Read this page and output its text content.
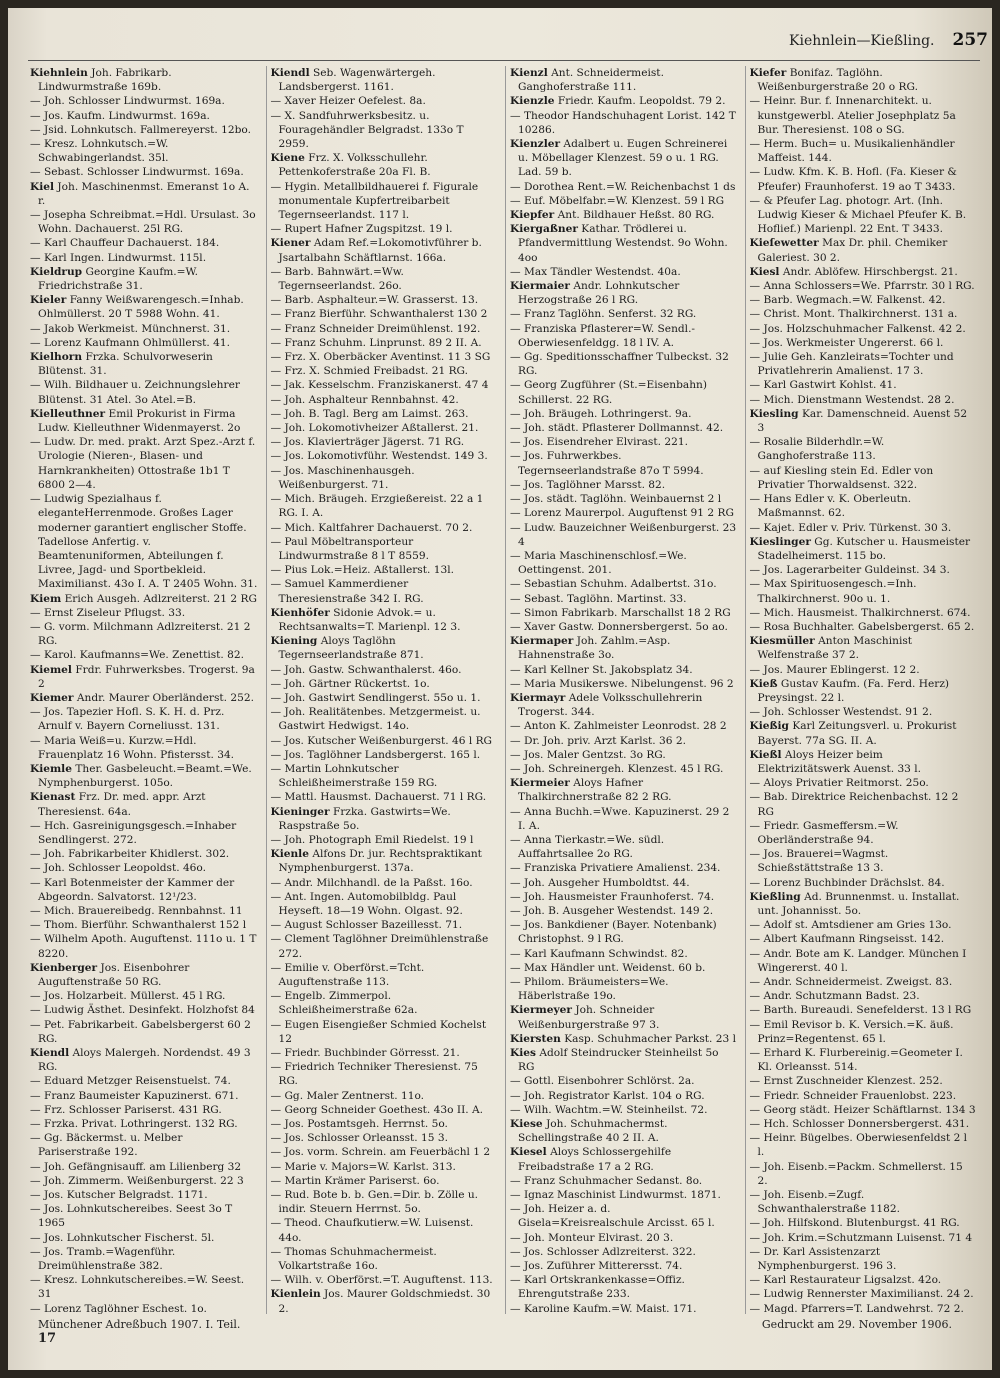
Kiehnlein—Kießling. 257

Kiehnlein Joh. Fabrikarb. Lindwurmstraße 169b.

— Joh. Schlosser Lindwurmst. 169a.

— Jos. Kaufm. Lindwurmst. 169a.

— Jsid. Lohnkutsch. Fallmereyerst. 12bo.

— Kresz. Lohnkutsch.=W. Schwabingerlandst. 35l.

— Sebast. Schlosser Lindwurmst. 169a.

Kiel Joh. Maschinenmst. Emeranst 1o A. r.

— Josepha Schreibmat.=Hdl. Ursulast. 3o Wohn. Dachauerst. 25l RG.

— Karl Chauffeur Dachauerst. 184.

— Karl Ingen. Lindwurmst. 115l.

Kieldrup Georgine Kaufm.=W. Friedrichstraße 31.

Kieler Fanny Weißwarengesch.=Inhab. Ohlmüllerst. 20 T 5988 Wohn. 41.

— Jakob Werkmeist. Münchnerst. 31.

— Lorenz Kaufmann Ohlmüllerst. 41.

Kielhorn Frzka. Schulvorweserin Blütenst. 31.

— Wilh. Bildhauer u. Zeichnungslehrer Blütenst. 31 Atel. 3o Atel.=B.

Kielleuthner Emil Prokurist in Firma Ludw. Kielleuthner Widenmayerst. 2o

— Ludw. Dr. med. prakt. Arzt Spez.-Arzt f. Urologie (Nieren-, Blasen- und Harnkrankheiten) Ottostraße 1b1 T 6800 2—4.

— Ludwig Spezialhaus f. eleganteHerrenmode. Großes Lager moderner garantiert englischer Stoffe. Tadellose Anfertig. v. Beamtenuniformen, Abteilungen f. Livree, Jagd- und Sportbekleid. Maximilianst. 43o I. A. T 2405 Wohn. 31.

Kiem Erich Ausgeh. Adlzreiterst. 21 2 RG

— Ernst Ziseleur Pflugst. 33.

— G. vorm. Milchmann Adlzreiterst. 21 2 RG.

— Karol. Kaufmanns=We. Zenettist. 82.

Kiemel Frdr. Fuhrwerksbes. Trogerst. 9a 2

Kiemer Andr. Maurer Oberländerst. 252.

— Jos. Tapezier Hofl. S. K. H. d. Prz. Arnulf v. Bayern Corneliusst. 131.

— Maria Weiß=u. Kurzw.=Hdl. Frauenplatz 16 Wohn. Pfistersst. 34.

Kiemle Ther. Gasbeleucht.=Beamt.=We. Nymphenburgerst. 105o.

Kienast Frz. Dr. med. appr. Arzt Theresienst. 64a.

— Hch. Gasreinigungsgesch.=Inhaber Sendlingerst. 272.

— Joh. Fabrikarbeiter Khidlerst. 302.

— Joh. Schlosser Leopoldst. 46o.

— Karl Botenmeister der Kammer der Abgeordn. Salvatorst. 12¹/23.

— Mich. Brauereibedg. Rennbahnst. 11

— Thom. Bierführ. Schwanthalerst 152 l

— Wilhelm Apoth. Auguftenst. 111o u. 1 T 8220.

Kienberger Jos. Eisenbohrer Auguftenstraße 50 RG.

— Jos. Holzarbeit. Müllerst. 45 l RG.

— Ludwig Ästhet. Desinfekt. Holzhofst 84

— Pet. Fabrikarbeit. Gabelsbergerst 60 2 RG.

Kiendl Aloys Malergeh. Nordendst. 49 3 RG.

— Eduard Metzger Reisenstuelst. 74.

— Franz Baumeister Kapuzinerst. 671.

— Frz. Schlosser Pariserst. 431 RG.

— Frzka. Privat. Lothringerst. 132 RG.

— Gg. Bäckermst. u. Melber Pariserstraße 192.

— Joh. Gefängnisauff. am Lilienberg 32

— Joh. Zimmerm. Weißenburgerst. 22 3

— Jos. Kutscher Belgradst. 1171.

— Jos. Lohnkutschereibes. Seest 3o T 1965

— Jos. Lohnkutscher Fischerst. 5l.

— Jos. Tramb.=Wagenführ. Dreimühlenstraße 382.

— Kresz. Lohnkutschereibes.=W. Seest. 31

— Lorenz Taglöhner Eschest. 1o.

Kiendl Seb. Wagenwärtergeh. Landsbergerst. 1161.

— Xaver Heizer Oefelest. 8a.

— X. Sandfuhrwerksbesitz. u. Fouragehändler Belgradst. 133o T 2959.

Kiene Frz. X. Volksschullehr. Pettenkoferstraße 20a Fl. B.

— Hygin. Metallbildhauerei f. Figurale monumentale Kupfertreibarbeit Tegernseerlandst. 117 l.

— Rupert Hafner Zugspitzst. 19 l.

Kiener Adam Ref.=Lokomotivführer b. Jsartalbahn Schäftlarnst. 166a.

— Barb. Bahnwärt.=Ww. Tegernseerlandst. 26o.

— Barb. Asphalteur.=W. Grasserst. 13.

— Franz Bierführ. Schwanthalerst 130 2

— Franz Schneider Dreimühlenst. 192.

— Franz Schuhm. Linprunst. 89 2 II. A.

— Frz. X. Oberbäcker Aventinst. 11 3 SG

— Frz. X. Schmied Freibadst. 21 RG.

— Jak. Kesselschm. Franziskanerst. 47 4

— Joh. Asphalteur Rennbahnst. 42.

— Joh. B. Tagl. Berg am Laimst. 263.

— Joh. Lokomotivheizer Aßtallerst. 21.

— Jos. Klavierträger Jägerst. 71 RG.

— Jos. Lokomotivführ. Westendst. 149 3.

— Jos. Maschinenhausgeh. Weißenburgerst. 71.

— Mich. Bräugeh. Erzgießereist. 22 a 1 RG. I. A.

— Mich. Kaltfahrer Dachauerst. 70 2.

— Paul Möbeltransporteur Lindwurmstraße 8 l T 8559.

— Pius Lok.=Heiz. Aßtallerst. 13l.

— Samuel Kammerdiener Theresienstraße 342 I. RG.

Kienhöfer Sidonie Advok.= u. Rechtsanwalts=T. Marienpl. 12 3.

Kiening Aloys Taglöhn Tegernseerlandstraße 871.

— Joh. Gastw. Schwanthalerst. 46o.

— Joh. Gärtner Rückertst. 1o.

— Joh. Gastwirt Sendlingerst. 55o u. 1.

— Joh. Realitätenbes. Metzgermeist. u. Gastwirt Hedwigst. 14o.

— Jos. Kutscher Weißenburgerst. 46 l RG

— Jos. Taglöhner Landsbergerst. 165 l.

— Martin Lohnkutscher Schleißheimerstraße 159 RG.

— Mattl. Hausmst. Dachauerst. 71 l RG.

Kieninger Frzka. Gastwirts=We. Raspstraße 5o.

— Joh. Photograph Emil Riedelst. 19 l

Kienle Alfons Dr. jur. Rechtspraktikant Nymphenburgerst. 137a.

— Andr. Milchhandl. de la Paßst. 16o.

— Ant. Ingen. Automobilbldg. Paul Heyseft. 18—19 Wohn. Olgast. 92.

— August Schlosser Bazeillesst. 71.

— Clement Taglöhner Dreimühlenstraße 272.

— Emilie v. Oberförst.=Tcht. Auguftenstraße 113.

— Engelb. Zimmerpol. Schleißheimerstraße 62a.

— Eugen Eisengießer Schmied Kochelst 12

— Friedr. Buchbinder Görresst. 21.

— Friedrich Techniker Theresienst. 75 RG.

— Gg. Maler Zentnerst. 11o.

— Georg Schneider Goethest. 43o II. A.

— Jos. Postamtsgeh. Herrnst. 5o.

— Jos. Schlosser Orleansst. 15 3.

— Jos. vorm. Schrein. am Feuerbächl 1 2

— Marie v. Majors=W. Karlst. 313.

— Martin Krämer Pariserst. 6o.

— Rud. Bote b. b. Gen.=Dir. b. Zölle u. indir. Steuern Herrnst. 5o.

— Theod. Chaufkutierw.=W. Luisenst. 44o.

— Thomas Schuhmachermeist. Volkartstraße 16o.

— Wilh. v. Oberförst.=T. Auguftenst. 113.

Kienlein Jos. Maurer Goldschmiedst. 30 2.

Kienzl Ant. Schneidermeist. Ganghoferstraße 111.

Kienzle Friedr. Kaufm. Leopoldst. 79 2.

— Theodor Handschuhagent Lorist. 142 T 10286.

Kienzler Adalbert u. Eugen Schreinerei u. Möbellager Klenzest. 59 o u. 1 RG. Lad. 59 b.

— Dorothea Rent.=W. Reichenbachst 1 ds

— Euf. Möbelfabr.=W. Klenzest. 59 l RG

Kiepfer Ant. Bildhauer Heßst. 80 RG.

Kiergaßner Kathar. Trödlerei u. Pfandvermittlung Westendst. 9o Wohn. 4oo

— Max Tändler Westendst. 40a.

Kiermaier Andr. Lohnkutscher Herzogstraße 26 l RG.

— Franz Taglöhn. Senferst. 32 RG.

— Franziska Pflasterer=W. Sendl.-Oberwiesenfeldgg. 18 l IV. A.

— Gg. Speditionsschaffner Tulbeckst. 32 RG.

— Georg Zugführer (St.=Eisenbahn) Schillerst. 22 RG.

— Joh. Bräugeh. Lothringerst. 9a.

— Joh. städt. Pflasterer Dollmannst. 42.

— Jos. Eisendreher Elvirast. 221.

— Jos. Fuhrwerkbes. Tegernseerlandstraße 87o T 5994.

— Jos. Taglöhner Marsst. 82.

— Jos. städt. Taglöhn. Weinbauernst 2 l

— Lorenz Maurerpol. Auguftenst 91 2 RG

— Ludw. Bauzeichner Weißenburgerst. 23 4

— Maria Maschinenschlosf.=We. Oettingenst. 201.

— Sebastian Schuhm. Adalbertst. 31o.

— Sebast. Taglöhn. Martinst. 33.

— Simon Fabrikarb. Marschallst 18 2 RG

— Xaver Gastw. Donnersbergerst. 5o ao.

Kiermaper Joh. Zahlm.=Asp. Hahnenstraße 3o.

— Karl Kellner St. Jakobsplatz 34.

— Maria Musikerswe. Nibelungenst. 96 2

Kiermayr Adele Volksschullehrerin Trogerst. 344.

— Anton K. Zahlmeister Leonrodst. 28 2

— Dr. Joh. priv. Arzt Karlst. 36 2.

— Jos. Maler Gentzst. 3o RG.

— Joh. Schreinergeh. Klenzest. 45 l RG.

Kiermeier Aloys Hafner Thalkirchnerstraße 82 2 RG.

— Anna Buchh.=Wwe. Kapuzinerst. 29 2 I. A.

— Anna Tierkastr.=We. südl. Auffahrtsallee 2o RG.

— Franziska Privatiere Amalienst. 234.

— Joh. Ausgeher Humboldtst. 44.

— Joh. Hausmeister Fraunhoferst. 74.

— Joh. B. Ausgeher Westendst. 149 2.

— Jos. Bankdiener (Bayer. Notenbank) Christophst. 9 l RG.

— Karl Kaufmann Schwindst. 82.

— Max Händler unt. Weidenst. 60 b.

— Philom. Bräumeisters=We. Häberlstraße 19o.

Kiermeyer Joh. Schneider Weißenburgerstraße 97 3.

Kiersten Kasp. Schuhmacher Parkst. 23 l

Kies Adolf Steindrucker Steinheilst 5o RG

— Gottl. Eisenbohrer Schlörst. 2a.

— Joh. Registrator Karlst. 104 o RG.

— Wilh. Wachtm.=W. Steinheilst. 72.

Kiese Joh. Schuhmachermst. Schellingstraße 40 2 II. A.

Kiesel Aloys Schlossergehilfe Freibadstraße 17 a 2 RG.

— Franz Schuhmacher Sedanst. 8o.

— Ignaz Maschinist Lindwurmst. 1871.

— Joh. Heizer a. d. Gisela=Kreisrealschule Arcisst. 65 l.

— Joh. Monteur Elvirast. 20 3.

— Jos. Schlosser Adlzreiterst. 322.

— Jos. Zuführer Mitterersst. 74.

— Karl Ortskrankenkasse=Offiz. Ehrengutstraße 233.

— Karoline Kaufm.=W. Maist. 171.

Kiefer Bonifaz. Taglöhn. Weißenburgerstraße 20 o RG.

— Heinr. Bur. f. Innenarchitekt. u. kunstgewerbl. Atelier Josephplatz 5a Bur. Theresienst. 108 o SG.

— Herm. Buch= u. Musikalienhändler Maffeist. 144.

— Ludw. Kfm. K. B. Hofl. (Fa. Kieser & Pfeufer) Fraunhoferst. 19 ao T 3433.

— & Pfeufer Lag. photogr. Art. (Inh. Ludwig Kieser & Michael Pfeufer K. B. Hoflief.) Marienpl. 22 Ent. T 3433.

Kieſewetter Max Dr. phil. Chemiker Galeriest. 30 2.

Kiesl Andr. Ablöfew. Hirschbergst. 21.

— Anna Schlossers=We. Pfarrstr. 30 l RG.

— Barb. Wegmach.=W. Falkenst. 42.

— Christ. Mont. Thalkirchnerst. 131 a.

— Jos. Holzschuhmacher Falkenst. 42 2.

— Jos. Werkmeister Ungererst. 66 l.

— Julie Geh. Kanzleirats=Tochter und Privatlehrerin Amalienst. 17 3.

— Karl Gastwirt Kohlst. 41.

— Mich. Dienstmann Westendst. 28 2.

Kiesling Kar. Damenschneid. Auenst 52 3

— Rosalie Bilderhdlr.=W. Ganghoferstraße 113.

— auf Kiesling stein Ed. Edler von Privatier Thorwaldsenst. 322.

— Hans Edler v. K. Oberleutn. Maßmannst. 62.

— Kajet. Edler v. Priv. Türkenst. 30 3.

Kieslinger Gg. Kutscher u. Hausmeister Stadelheimerst. 115 bo.

— Jos. Lagerarbeiter Guldeinst. 34 3.

— Max Spirituosengesch.=Inh. Thalkirchnerst. 90o u. 1.

— Mich. Hausmeist. Thalkirchnerst. 674.

— Rosa Buchhalter. Gabelsbergerst. 65 2.

Kiesmüller Anton Maschinist Welfenstraße 37 2.

— Jos. Maurer Eblingerst. 12 2.

Kieß Gustav Kaufm. (Fa. Ferd. Herz) Preysingst. 22 l.

— Joh. Schlosser Westendst. 91 2.

Kießig Karl Zeitungsverl. u. Prokurist Bayerst. 77a SG. II. A.

Kießl Aloys Heizer beim Elektrizitätswerk Auenst. 33 l.

— Aloys Privatier Reitmorst. 25o.

— Bab. Direktrice Reichenbachst. 12 2 RG

— Friedr. Gasmeffersm.=W. Oberländerstraße 94.

— Jos. Brauerei=Wagmst. Schießstättstraße 13 3.

— Lorenz Buchbinder Drächslst. 84.

Kießling Ad. Brunnenmst. u. Installat. unt. Johannisst. 5o.

— Adolf st. Amtsdiener am Gries 13o.

— Albert Kaufmann Ringseisst. 142.

— Andr. Bote am K. Landger. München I Wingererst. 40 l.

— Andr. Schneidermeist. Zweigst. 83.

— Andr. Schutzmann Badst. 23.

— Barth. Bureaudi. Senefelderst. 13 l RG

— Emil Revisor b. K. Versich.=K. äuß. Prinz=Regentenst. 65 l.

— Erhard K. Flurbereinig.=Geometer I. Kl. Orleansst. 514.

— Ernst Zuschneider Klenzest. 252.

— Friedr. Schneider Frauenlobst. 223.

— Georg städt. Heizer Schäftlarnst. 134 3

— Hch. Schlosser Donnersbergerst. 431.

— Heinr. Bügelbes. Oberwiesenfeldst 2 l l.

— Joh. Eisenb.=Packm. Schmellerst. 15 2.

— Joh. Eisenb.=Zugf. Schwanthalerstraße 1182.

— Joh. Hilfskond. Blutenburgst. 41 RG.

— Joh. Krim.=Schutzmann Luisenst. 71 4

— Dr. Karl Assistenzarzt Nymphenburgerst. 196 3.

— Karl Restaurateur Ligsalzst. 42o.

— Ludwig Rennerster Maximilianst. 24 2.

— Magd. Pfarrers=T. Landwehrst. 72 2.

Münchener Adreßbuch 1907. I. Teil.
17
Gedruckt am 29. November 1906.
